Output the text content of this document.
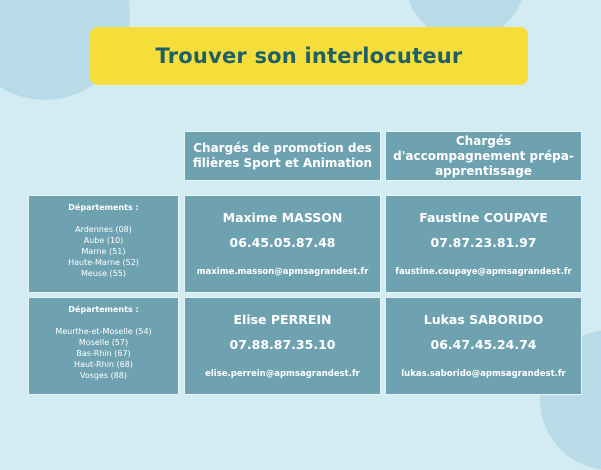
Trouver son interlocuteur
Chargés de promotion des filières Sport et Animation
Chargés d'accompagnement prépa-apprentissage
Départements :
Ardennes (08)
Aube (10)
Marne (51)
Haute-Marne (52)
Meuse (55)
Maxime MASSON
06.45.05.87.48
maxime.masson@apmsagrandest.fr
Faustine COUPAYE
07.87.23.81.97
faustine.coupaye@apmsagrandest.fr
Départements :
Meurthe-et-Moselle (54)
Moselle (57)
Bas-Rhin (67)
Haut-Rhin (68)
Vosges (88)
Elise PERREIN
07.88.87.35.10
elise.perrein@apmsagrandest.fr
Lukas SABORIDO
06.47.45.24.74
lukas.saborido@apmsagrandest.fr
